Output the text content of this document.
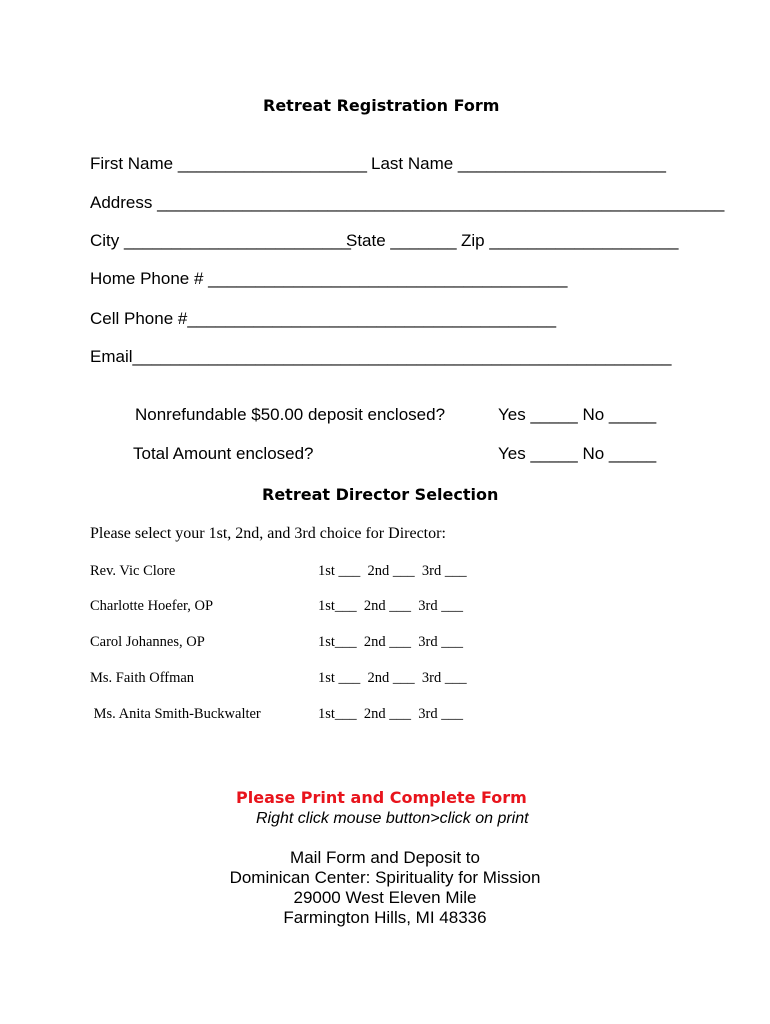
Retreat Registration Form
First Name ____________________ Last Name ______________________
Address ____________________________________________________________
City ________________________
State _______ Zip ____________________
Home Phone # ______________________________________
Cell Phone #_______________________________________
Email_________________________________________________________
Nonrefundable $50.00 deposit enclosed?	Yes _____ No _____
Total Amount enclosed?	Yes _____ No _____
Retreat Director Selection
Please select your 1st, 2nd, and 3rd choice for Director:
Rev. Vic Clore	1st ___  2nd ___  3rd ___
Charlotte Hoefer, OP	1st___  2nd ___  3rd ___
Carol Johannes, OP	1st___  2nd ___  3rd ___
Ms. Faith Offman	1st ___  2nd ___  3rd ___
Ms. Anita Smith-Buckwalter	1st___  2nd ___  3rd ___
Please Print and Complete Form
Right click mouse button>click on print
Mail Form and Deposit to
Dominican Center: Spirituality for Mission
29000 West Eleven Mile
Farmington Hills, MI 48336
